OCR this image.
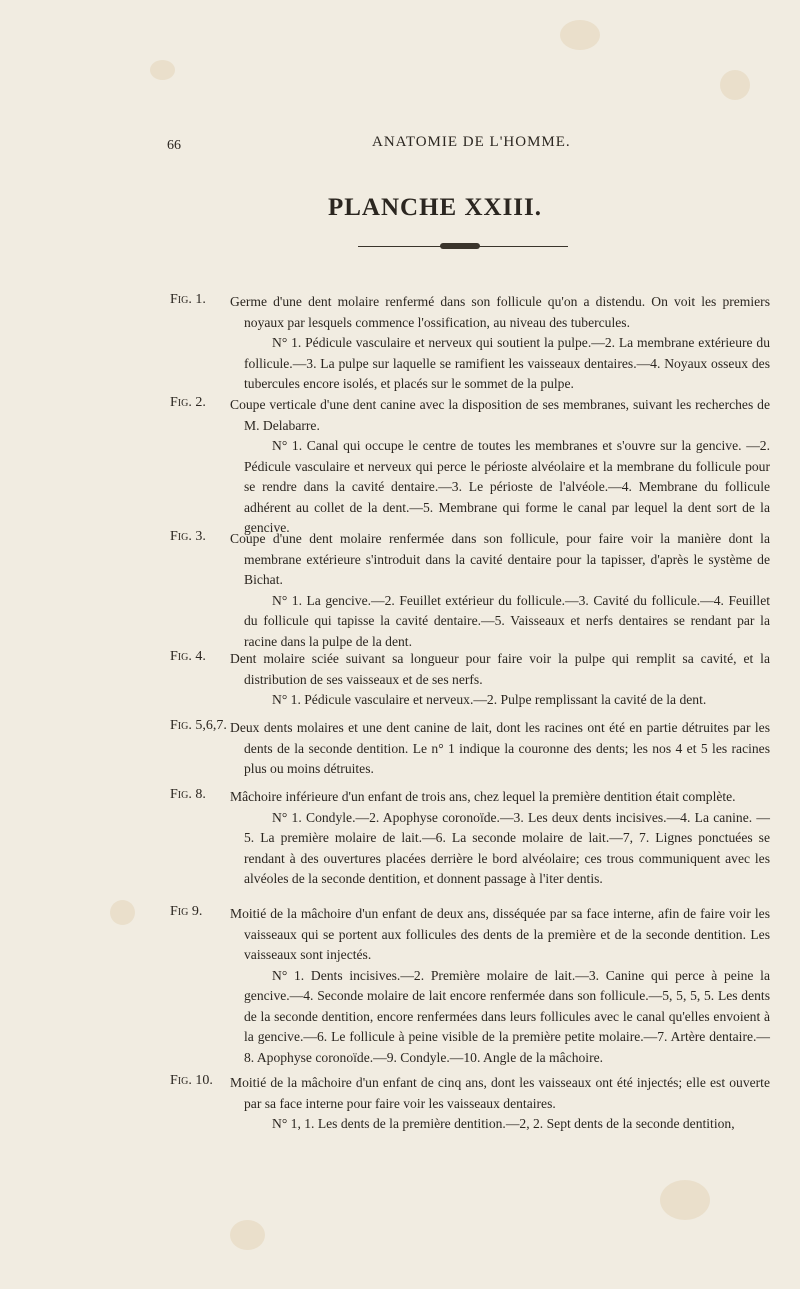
66	ANATOMIE DE L'HOMME.
PLANCHE XXIII.
Fig. 1.	Germe d'une dent molaire renfermé dans son follicule qu'on a distendu. On voit les premiers noyaux par lesquels commence l'ossification, au niveau des tubercules.

N° 1. Pédicule vasculaire et nerveux qui soutient la pulpe.—2. La membrane extérieure du follicule.—3. La pulpe sur laquelle se ramifient les vaisseaux dentaires.—4. Noyaux osseux des tubercules encore isolés, et placés sur le sommet de la pulpe.

Fig. 2.	Coupe verticale d'une dent canine avec la disposition de ses membranes, suivant les recherches de M. Delabarre.

N° 1. Canal qui occupe le centre de toutes les membranes et s'ouvre sur la gencive. —2. Pédicule vasculaire et nerveux qui perce le périoste alvéolaire et la membrane du follicule pour se rendre dans la cavité dentaire.—3. Le périoste de l'alvéole.—4. Membrane du follicule adhérent au collet de la dent.—5. Membrane qui forme le canal par lequel la dent sort de la gencive.

Fig. 3.	Coupe d'une dent molaire renfermée dans son follicule, pour faire voir la manière dont la membrane extérieure s'introduit dans la cavité dentaire pour la tapisser, d'après le système de Bichat.

N° 1. La gencive.—2. Feuillet extérieur du follicule.—3. Cavité du follicule.—4. Feuillet du follicule qui tapisse la cavité dentaire.—5. Vaisseaux et nerfs dentaires se rendant par la racine dans la pulpe de la dent.

Fig. 4.	Dent molaire sciée suivant sa longueur pour faire voir la pulpe qui remplit sa cavité, et la distribution de ses vaisseaux et de ses nerfs.

N° 1. Pédicule vasculaire et nerveux.—2. Pulpe remplissant la cavité de la dent.

Fig. 5,6,7. Deux dents molaires et une dent canine de lait, dont les racines ont été en partie détruites par les dents de la seconde dentition. Le n° 1 indique la couronne des dents; les nos 4 et 5 les racines plus ou moins détruites.

Fig. 8.	Mâchoire inférieure d'un enfant de trois ans, chez lequel la première dentition était complète.

N° 1. Condyle.—2. Apophyse coronoïde.—3. Les deux dents incisives.—4. La canine. —5. La première molaire de lait.—6. La seconde molaire de lait.—7, 7. Lignes ponctuées se rendant à des ouvertures placées derrière le bord alvéolaire; ces trous communiquent avec les alvéoles de la seconde dentition, et donnent passage à l'iter dentis.

Fig 9.	Moitié de la mâchoire d'un enfant de deux ans, disséquée par sa face interne, afin de faire voir les vaisseaux qui se portent aux follicules des dents de la première et de la seconde dentition. Les vaisseaux sont injectés.

N° 1. Dents incisives.—2. Première molaire de lait.—3. Canine qui perce à peine la gencive.—4. Seconde molaire de lait encore renfermée dans son follicule.—5, 5, 5, 5. Les dents de la seconde dentition, encore renfermées dans leurs follicules avec le canal qu'elles envoient à la gencive.—6. Le follicule à peine visible de la première petite molaire.—7. Artère dentaire.—8. Apophyse coronoïde.—9. Condyle.—10. Angle de la mâchoire.

Fig. 10.	Moitié de la mâchoire d'un enfant de cinq ans, dont les vaisseaux ont été injectés; elle est ouverte par sa face interne pour faire voir les vaisseaux dentaires.

N° 1, 1. Les dents de la première dentition.—2, 2. Sept dents de la seconde dentition,
